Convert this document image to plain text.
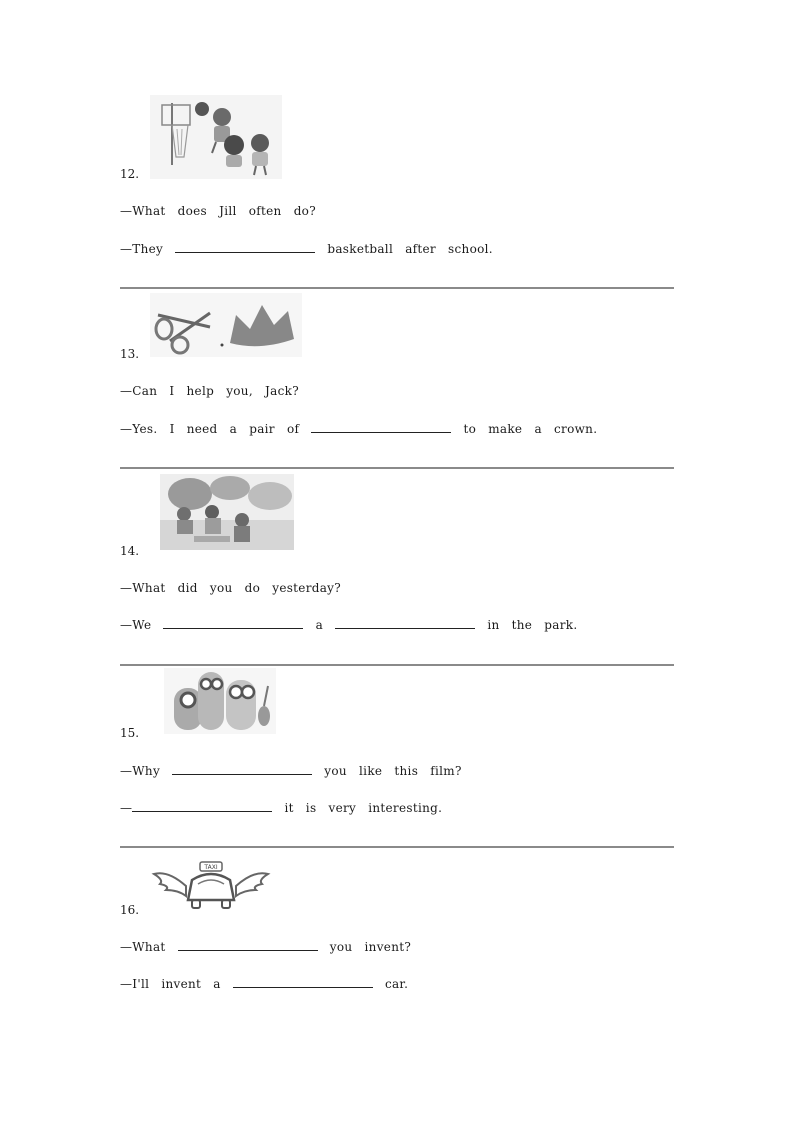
12.
—What does Jill often do?
—They	basketball after school.
13.
—Can I help you, Jack?
—Yes. I need a pair of	to make a crown.
14.
—What did you do yesterday?
—We	a	in the park.
15.
—Why	you like this film?
—	it is very interesting.
TAXI
16.
—What	you invent?
—I'll invent a	car.
